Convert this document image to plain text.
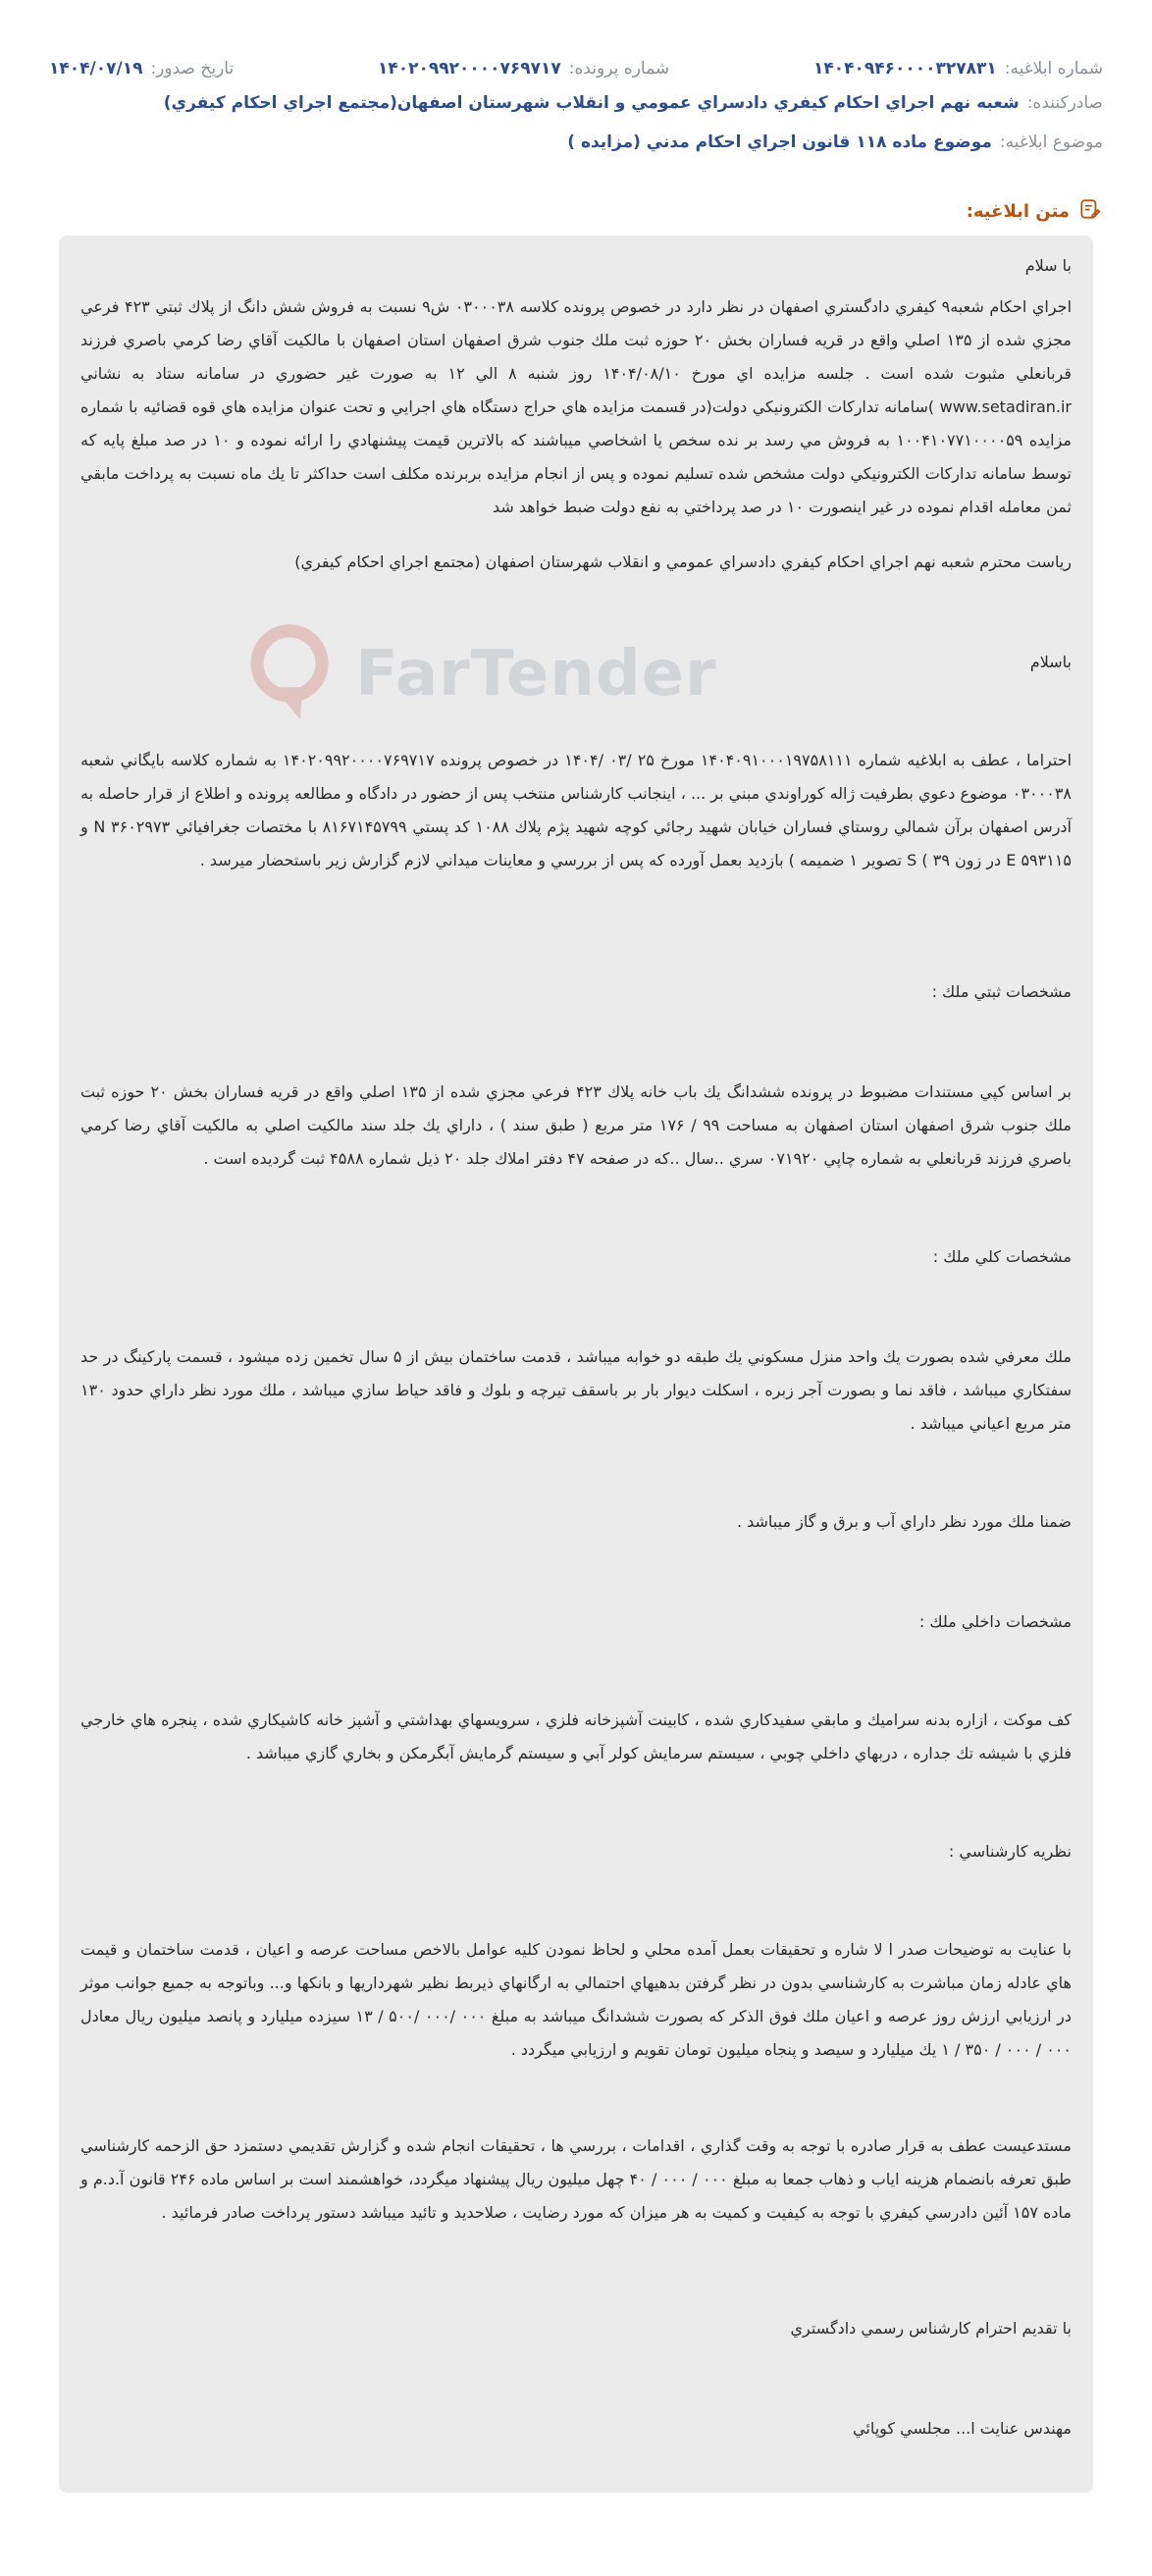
شماره ابلاغیه:
۱۴۰۴۰۹۴۶۰۰۰۰۳۲۷۸۳۱
شماره پرونده:
۱۴۰۲۰۹۹۲۰۰۰۰۷۶۹۷۱۷
تاریخ صدور:
۱۴۰۴/۰۷/۱۹
صادرکننده:
شعبه نهم اجراي احكام كيفري دادسراي عمومي و انقلاب شهرستان اصفهان(مجتمع اجراي احكام كيفري)
موضوع ابلاغیه:
موضوع ماده ۱۱۸ قانون اجراي احكام مدني (مزايده )
متن ابلاغیه:
FarTender
با سلام
اجراي احكام شعبه۹ كيفري دادگستري اصفهان در نظر دارد در خصوص پرونده كلاسه ۰۳۰۰۰۳۸ ش۹ نسبت به فروش شش دانگ از پلاك ثبتي ۴۲۳ فرعي مجزي شده از ۱۳۵ اصلي واقع در قريه فساران بخش ۲۰ حوزه ثبت ملك جنوب شرق اصفهان استان اصفهان با مالكيت آقاي رضا كرمي باصري فرزند قربانعلي مثبوت شده است . جلسه مزايده اي مورخ ۱۴۰۴/۰۸/۱۰ روز شنبه ۸ الي ۱۲ به صورت غير حضوري در سامانه ستاد به نشاني www.setadiran.ir )سامانه تداركات الكترونيكي دولت(در قسمت مزايده هاي حراج دستگاه هاي اجرايي و تحت عنوان مزايده هاي قوه قضائيه با شماره مزايده ۱۰۰۴۱۰۷۷۱۰۰۰۰۵۹ به فروش مي رسد بر نده سخص يا اشخاصي ميباشند كه بالاترين قيمت پيشنهادي را ارائه نموده و ۱۰ در صد مبلغ پايه كه توسط سامانه تداركات الكترونيكي دولت مشخص شده تسليم نموده و پس از انجام مزايده بربرنده مكلف است حداكثر تا يك ماه نسبت به پرداخت مابقي ثمن معامله اقدام نموده در غير اينصورت ۱۰ در صد پرداختي به نفع دولت ضبط خواهد شد
رياست محترم شعبه نهم اجراي احكام كيفري دادسراي عمومي و انقلاب شهرستان اصفهان (مجتمع اجراي احكام كيفري)
باسلام
احتراما ، عطف به ابلاغيه شماره ۱۴۰۴۰۹۱۰۰۰۱۹۷۵۸۱۱۱ مورخ ۲۵ /۰۳ /۱۴۰۴ در خصوص پرونده ۱۴۰۲۰۹۹۲۰۰۰۰۷۶۹۷۱۷ به شماره كلاسه بايگاني شعبه ۰۳۰۰۰۳۸ موضوع دعوي بطرفيت ژاله كوراوندي مبني بر ... ، اينجانب كارشناس منتخب پس از حضور در دادگاه و مطالعه پرونده و اطلاع از قرار حاصله به آدرس اصفهان برآن شمالي روستاي فساران خيابان شهيد رجائي كوچه شهيد پژم پلاك ۱۰۸۸ كد پستي ۸۱۶۷۱۴۵۷۹۹ با مختصات جغرافيائي ۳۶۰۲۹۷۳ N و ۵۹۳۱۱۵ E در زون ۳۹ ) S تصوير ۱ ضميمه ) بازديد بعمل آورده كه پس از بررسي و معاينات ميداني لازم گزارش زير باستحضار ميرسد .
مشخصات ثبتي ملك :
بر اساس كپي مستندات مضبوط در پرونده ششدانگ يك باب خانه پلاك ۴۲۳ فرعي مجزي شده از ۱۳۵ اصلي واقع در قريه فساران بخش ۲۰ حوزه ثبت ملك جنوب شرق اصفهان استان اصفهان به مساحت ۹۹ / ۱۷۶ متر مربع ( طبق سند ) ، داراي يك جلد سند مالكيت اصلي به مالكيت آقاي رضا كرمي باصري فرزند قربانعلي به شماره چاپي ۰۷۱۹۲۰ سري ..سال ..كه در صفحه ۴۷ دفتر املاك جلد ۲۰ ذيل شماره ۴۵۸۸ ثبت گرديده است .
مشخصات كلي ملك :
ملك معرفي شده بصورت يك واحد منزل مسكوني يك طبقه دو خوابه ميباشد ، قدمت ساختمان بيش از ۵ سال تخمين زده ميشود ، قسمت پاركينگ در حد سفتكاري ميباشد ، فاقد نما و بصورت آجر زبره ، اسكلت ديوار بار بر باسقف تيرچه و بلوك و فاقد حياط سازي ميباشد ، ملك مورد نظر داراي حدود ۱۳۰ متر مربع اعياني ميباشد .
ضمنا ملك مورد نظر داراي آب و برق و گاز ميباشد .
مشخصات داخلي ملك :
كف موكت ، ازاره بدنه سراميك و مابقي سفيدكاري شده ، كابينت آشپزخانه فلزي ، سرويسهاي بهداشتي و آشپز خانه كاشيكاري شده ، پنجره هاي خارجي فلزي با شيشه تك جداره ، دربهاي داخلي چوبي ، سيستم سرمايش كولر آبي و سيستم گرمايش آبگرمكن و بخاري گازي ميباشد .
نظريه كارشناسي :
با عنايت به توضيحات صدر ا لا شاره و تحقيقات بعمل آمده محلي و لحاظ نمودن كليه عوامل بالاخص مساحت عرصه و اعيان ، قدمت ساختمان و قيمت هاي عادله زمان مباشرت به كارشناسي بدون در نظر گرفتن بدهيهاي احتمالي به ارگانهاي ذيربط نظير شهرداريها و بانكها و... وباتوجه به جميع جوانب موثر در ارزيابي ارزش روز عرصه و اعيان ملك فوق الذكر كه بصورت ششدانگ ميباشد به مبلغ ۰۰۰ /۰۰۰ /۵۰۰ / ۱۳ سيزده ميليارد و پانصد ميليون ريال معادل ۰۰۰ / ۰۰۰ / ۳۵۰ / ۱ يك ميليارد و سيصد و پنجاه ميليون تومان تقويم و ارزيابي ميگردد .
مستدعيست عطف به قرار صادره با توجه به وقت گذاري ، اقدامات ، بررسي ها ، تحقيقات انجام شده و گزارش تقديمي دستمزد حق الزحمه كارشناسي طبق تعرفه بانضمام هزينه اياب و ذهاب جمعا به مبلغ ۰۰۰ / ۰۰۰ / ۴۰ چهل ميليون ريال پيشنهاد ميگردد، خواهشمند است بر اساس ماده ۲۴۶ قانون آ.د.م و ماده ۱۵۷ آئين دادرسي كيفري با توجه به كيفيت و كميت به هر ميزان كه مورد رضايت ، صلاحديد و تائيد ميباشد دستور پرداخت صادر فرمائيد .
با تقديم احترام كارشناس رسمي دادگستري
مهندس عنايت ا... مجلسي كوپائي
